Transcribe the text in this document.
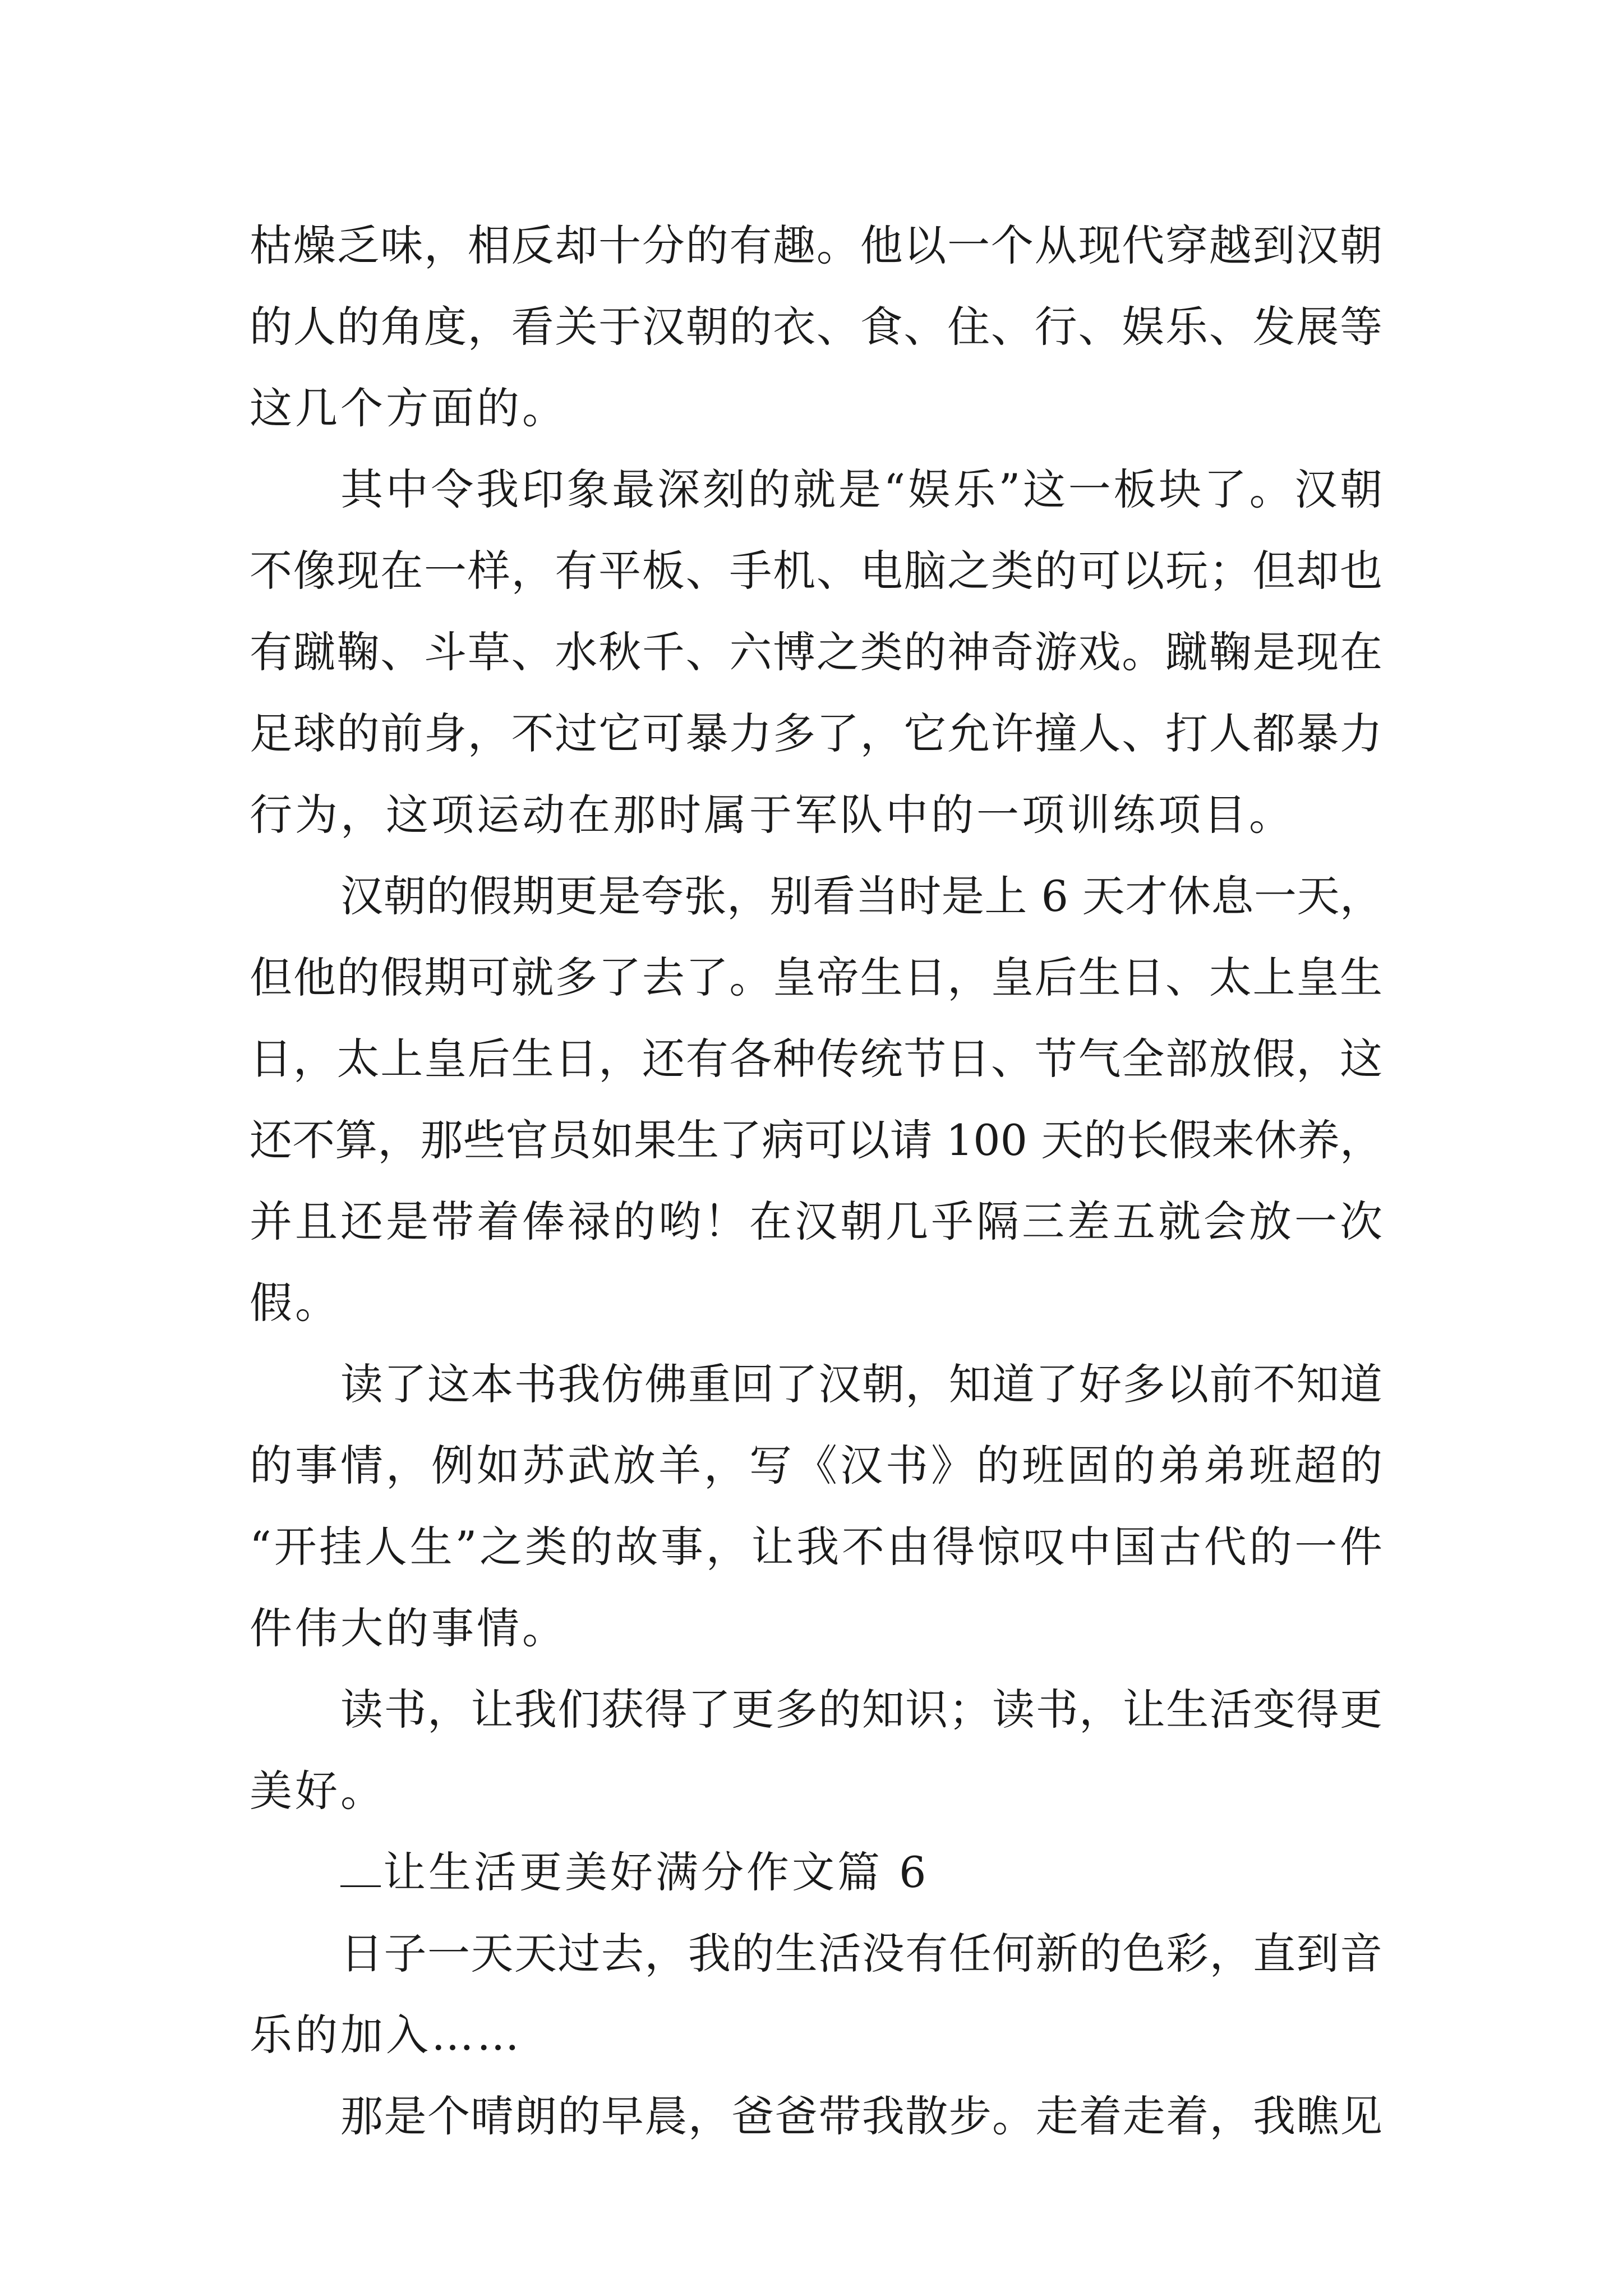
枯燥乏味，相反却十分的有趣。他以一个从现代穿越到汉朝
的人的角度，看关于汉朝的衣、食、住、行、娱乐、发展等
这几个方面的。
其中令我印象最深刻的就是“娱乐”这一板块了。汉朝
不像现在一样，有平板、手机、电脑之类的可以玩；但却也
有蹴鞠、斗草、水秋千、六博之类的神奇游戏。蹴鞠是现在
足球的前身，不过它可暴力多了，它允许撞人、打人都暴力
行为，这项运动在那时属于军队中的一项训练项目。
汉朝的假期更是夸张，别看当时是上 6 天才休息一天，
但他的假期可就多了去了。皇帝生日，皇后生日、太上皇生
日，太上皇后生日，还有各种传统节日、节气全部放假，这
还不算，那些官员如果生了病可以请 100 天的长假来休养，
并且还是带着俸禄的哟！在汉朝几乎隔三差五就会放一次
假。
读了这本书我仿佛重回了汉朝，知道了好多以前不知道
的事情，例如苏武放羊，写《汉书》的班固的弟弟班超的
“开挂人生”之类的故事，让我不由得惊叹中国古代的一件
件伟大的事情。
读书，让我们获得了更多的知识；读书，让生活变得更
美好。
让生活更美好满分作文篇 6
日子一天天过去，我的生活没有任何新的色彩，直到音
乐的加入……
那是个晴朗的早晨，爸爸带我散步。走着走着，我瞧见
